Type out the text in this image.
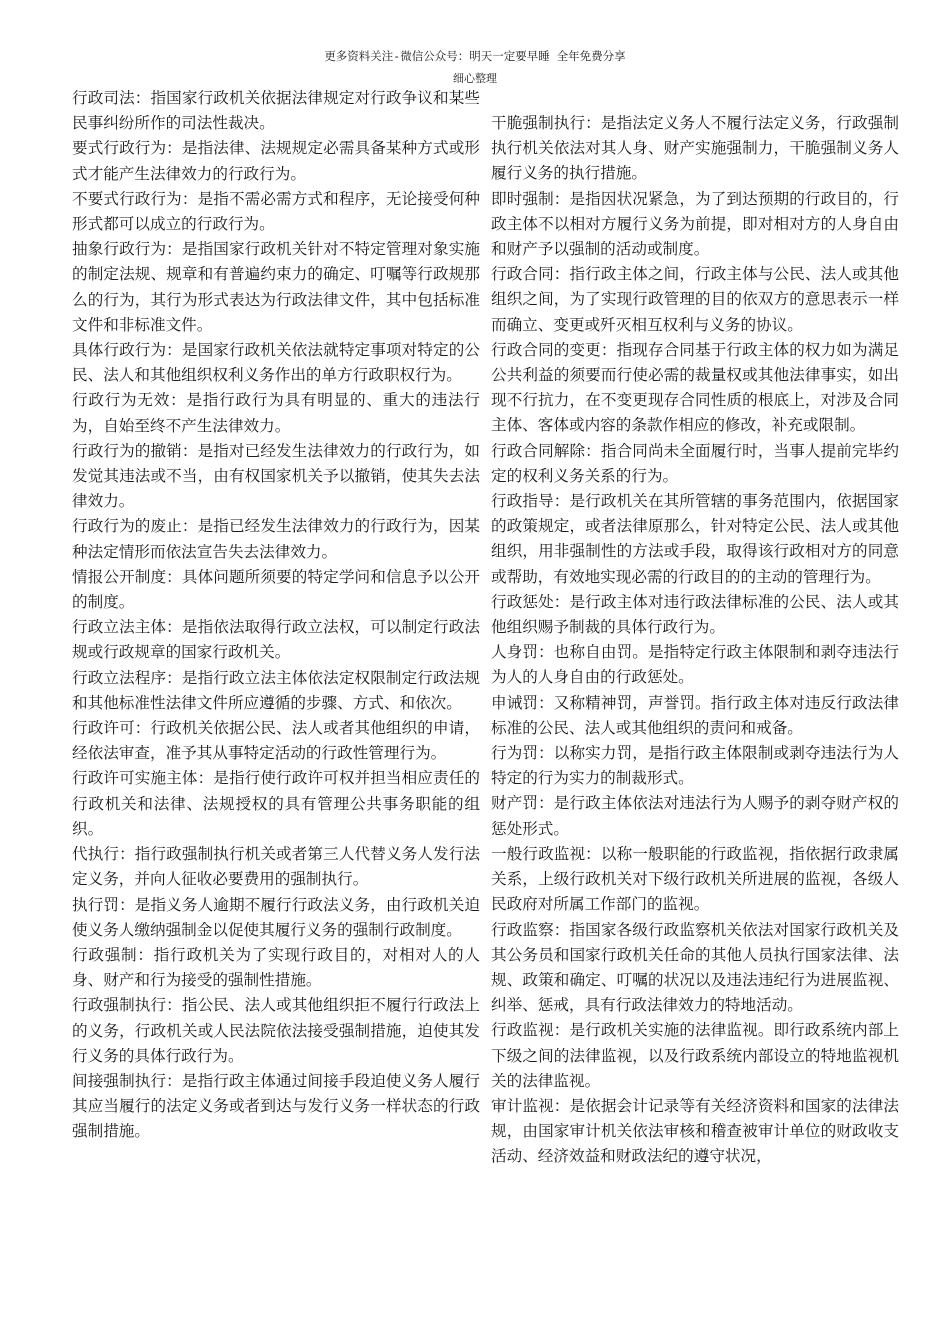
更多资料关注-微信公众号：明天一定要早睡 全年免费分享
细心整理

行政司法：指国家行政机关依据法律规定对行政争议和某些民事纠纷所作的司法性裁决。

要式行政行为：是指法律、法规规定必需具备某种方式或形式才能产生法律效力的行政行为。

不要式行政行为：是指不需必需方式和程序，无论接受何种形式都可以成立的行政行为。

抽象行政行为：是指国家行政机关针对不特定管理对象实施的制定法规、规章和有普遍约束力的确定、叮嘱等行政规那么的行为，其行为形式表达为行政法律文件，其中包括标准文件和非标准文件。

具体行政行为：是国家行政机关依法就特定事项对特定的公民、法人和其他组织权利义务作出的单方行政职权行为。

行政行为无效：是指行政行为具有明显的、重大的违法行为，自始至终不产生法律效力。

行政行为的撤销：是指对已经发生法律效力的行政行为，如发觉其违法或不当，由有权国家机关予以撤销，使其失去法律效力。

行政行为的废止：是指已经发生法律效力的行政行为，因某种法定情形而依法宣告失去法律效力。

情报公开制度：具体问题所须要的特定学问和信息予以公开的制度。

行政立法主体：是指依法取得行政立法权，可以制定行政法规或行政规章的国家行政机关。

行政立法程序：是指行政立法主体依法定权限制定行政法规和其他标准性法律文件所应遵循的步骤、方式、和依次。

行政许可：行政机关依据公民、法人或者其他组织的申请，经依法审查，准予其从事特定活动的行政性管理行为。

行政许可实施主体：是指行使行政许可权并担当相应责任的行政机关和法律、法规授权的具有管理公共事务职能的组织。

代执行：指行政强制执行机关或者第三人代替义务人发行法定义务，并向人征收必要费用的强制执行。

执行罚：是指义务人逾期不履行行政法义务，由行政机关迫使义务人缴纳强制金以促使其履行义务的强制行政制度。

行政强制：指行政机关为了实现行政目的，对相对人的人身、财产和行为接受的强制性措施。

行政强制执行：指公民、法人或其他组织拒不履行行政法上的义务，行政机关或人民法院依法接受强制措施，迫使其发行义务的具体行政行为。

间接强制执行：是指行政主体通过间接手段迫使义务人履行其应当履行的法定义务或者到达与发行义务一样状态的行政强制措施。

干脆强制执行：是指法定义务人不履行法定义务，行政强制执行机关依法对其人身、财产实施强制力，干脆强制义务人履行义务的执行措施。

即时强制：是指因状况紧急，为了到达预期的行政目的，行政主体不以相对方履行义务为前提，即对相对方的人身自由和财产予以强制的活动或制度。

行政合同：指行政主体之间，行政主体与公民、法人或其他组织之间，为了实现行政管理的目的依双方的意思表示一样而确立、变更或歼灭相互权利与义务的协议。

行政合同的变更：指现存合同基于行政主体的权力如为满足公共利益的须要而行使必需的裁量权或其他法律事实，如出现不行抗力，在不变更现存合同性质的根底上，对涉及合同主体、客体或内容的条款作相应的修改，补充或限制。

行政合同解除：指合同尚未全面履行时，当事人提前完毕约定的权利义务关系的行为。

行政指导：是行政机关在其所管辖的事务范围内，依据国家的政策规定，或者法律原那么，针对特定公民、法人或其他组织，用非强制性的方法或手段，取得该行政相对方的同意或帮助，有效地实现必需的行政目的的主动的管理行为。

行政惩处：是行政主体对违行政法律标准的公民、法人或其他组织赐予制裁的具体行政行为。

人身罚：也称自由罚。是指特定行政主体限制和剥夺违法行为人的人身自由的行政惩处。

申诫罚：又称精神罚，声誉罚。指行政主体对违反行政法律标准的公民、法人或其他组织的责问和戒备。

行为罚：以称实力罚，是指行政主体限制或剥夺违法行为人特定的行为实力的制裁形式。

财产罚：是行政主体依法对违法行为人赐予的剥夺财产权的惩处形式。

一般行政监视：以称一般职能的行政监视，指依据行政隶属关系，上级行政机关对下级行政机关所进展的监视，各级人民政府对所属工作部门的监视。

行政监察：指国家各级行政监察机关依法对国家行政机关及其公务员和国家行政机关任命的其他人员执行国家法律、法规、政策和确定、叮嘱的状况以及违法违纪行为进展监视、纠举、惩戒，具有行政法律效力的特地活动。

行政监视：是行政机关实施的法律监视。即行政系统内部上下级之间的法律监视，以及行政系统内部设立的特地监视机关的法律监视。

审计监视：是依据会计记录等有关经济资料和国家的法律法规，由国家审计机关依法审核和稽查被审计单位的财政收支活动、经济效益和财政法纪的遵守状况，
